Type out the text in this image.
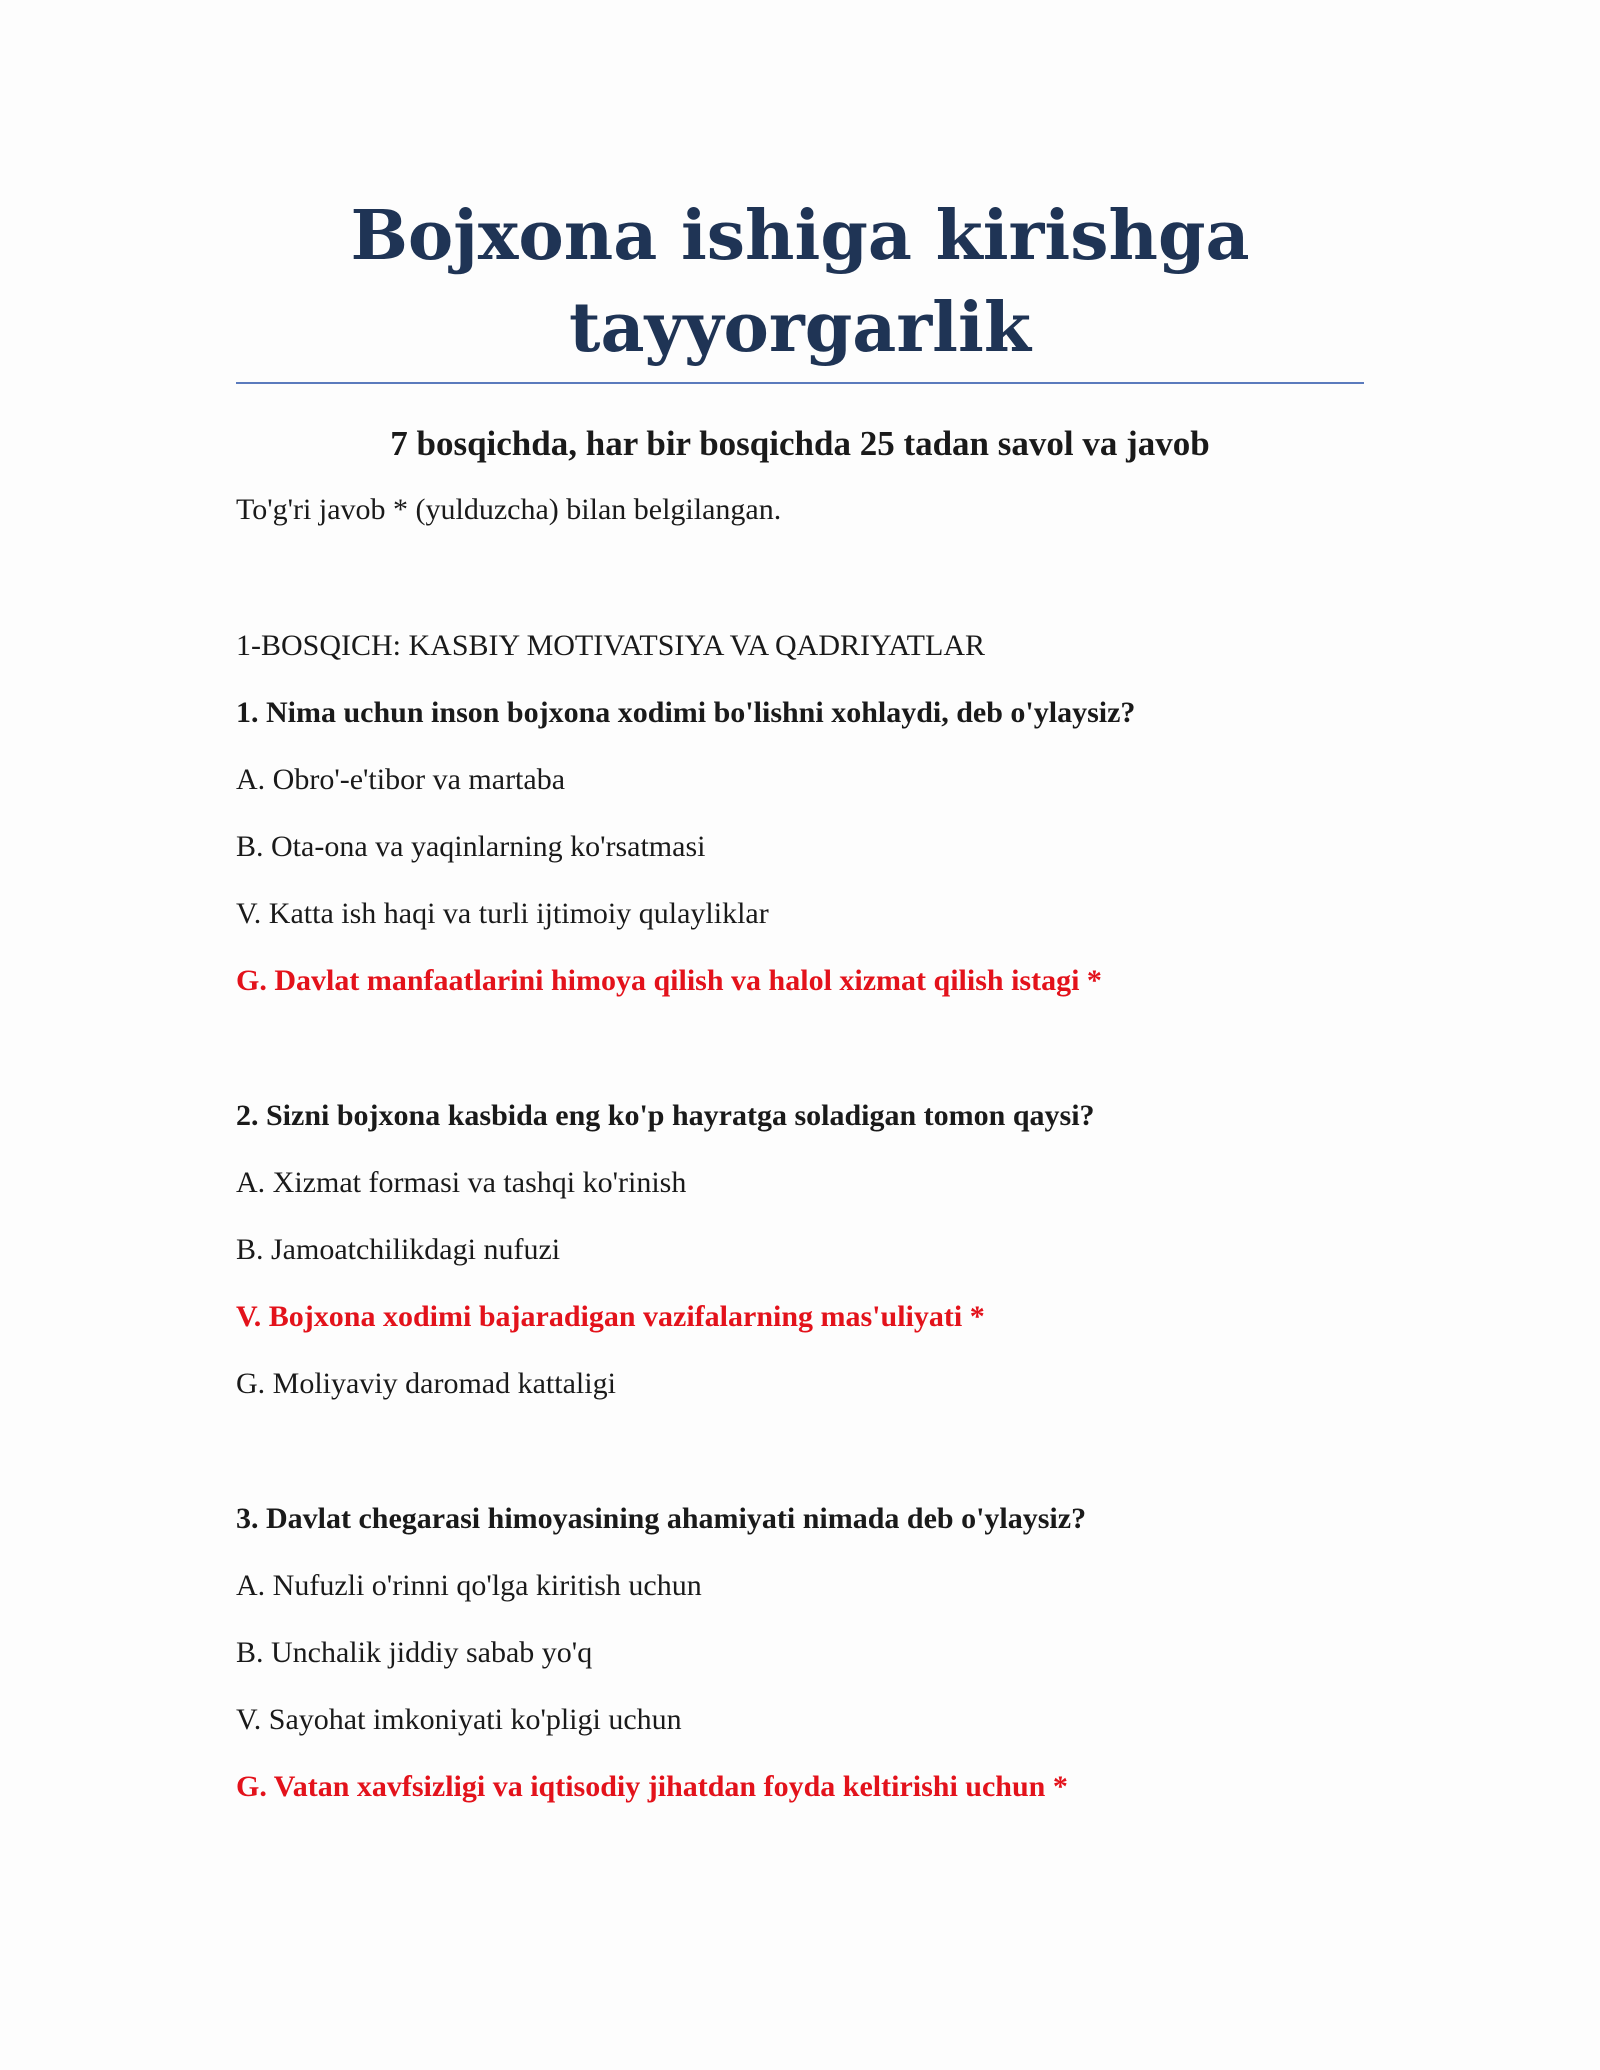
Bojxona ishiga kirishga
tayyorgarlik

7 bosqichda, har bir bosqichda 25 tadan savol va javob

To'g'ri javob * (yulduzcha) bilan belgilangan.

1-BOSQICH: KASBIY MOTIVATSIYA VA QADRIYATLAR

1. Nima uchun inson bojxona xodimi bo'lishni xohlaydi, deb o'ylaysiz?

A. Obro'-e'tibor va martaba

B. Ota-ona va yaqinlarning ko'rsatmasi

V. Katta ish haqi va turli ijtimoiy qulayliklar

G. Davlat manfaatlarini himoya qilish va halol xizmat qilish istagi *

2. Sizni bojxona kasbida eng ko'p hayratga soladigan tomon qaysi?

A. Xizmat formasi va tashqi ko'rinish

B. Jamoatchilikdagi nufuzi

V. Bojxona xodimi bajaradigan vazifalarning mas'uliyati *

G. Moliyaviy daromad kattaligi

3. Davlat chegarasi himoyasining ahamiyati nimada deb o'ylaysiz?

A. Nufuzli o'rinni qo'lga kiritish uchun

B. Unchalik jiddiy sabab yo'q

V. Sayohat imkoniyati ko'pligi uchun

G. Vatan xavfsizligi va iqtisodiy jihatdan foyda keltirishi uchun *
